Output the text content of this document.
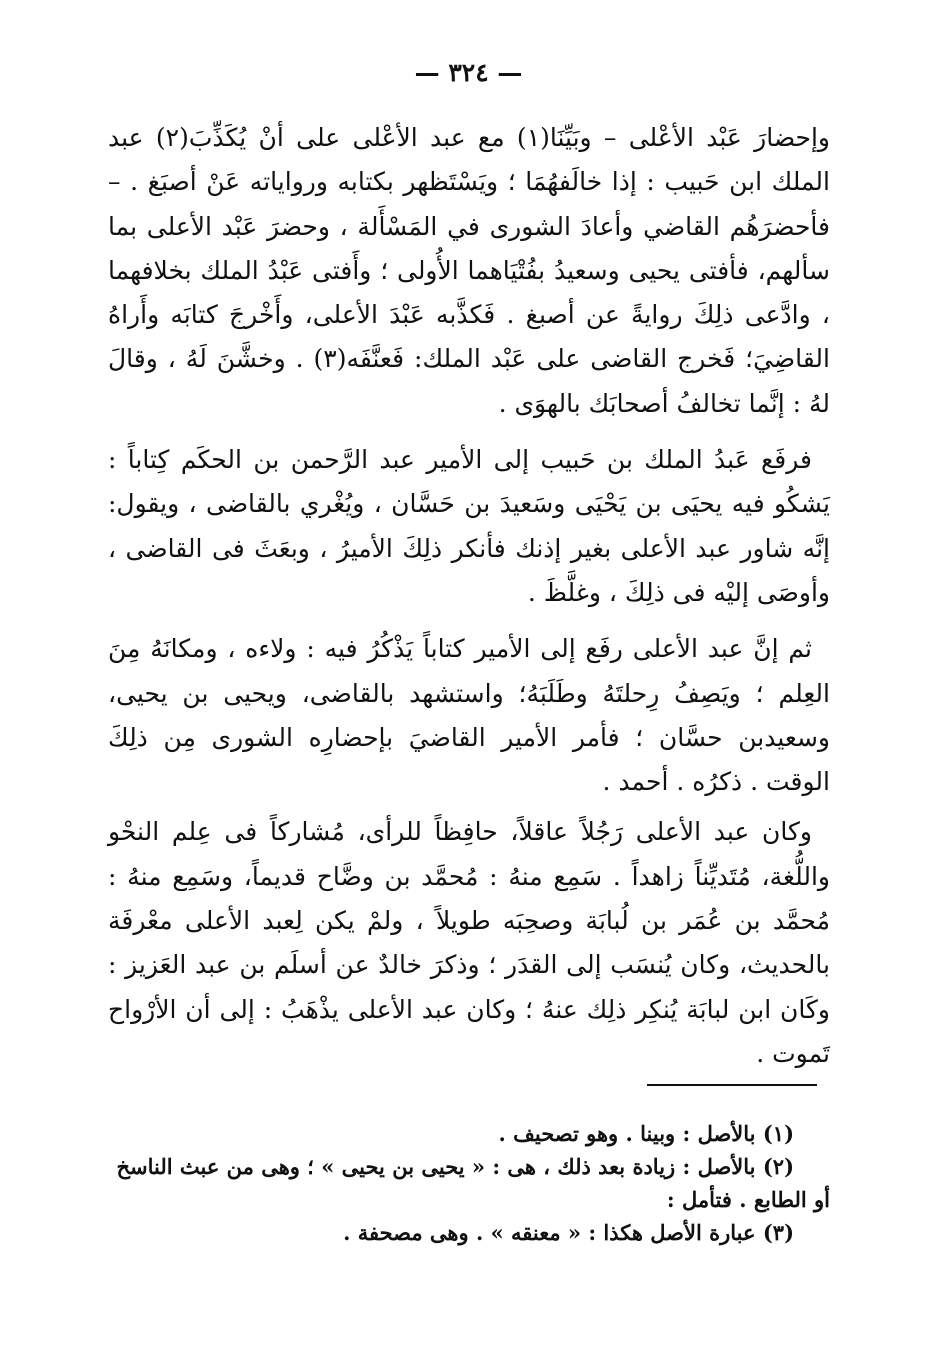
— ٣٢٤ —

وإحضارَ عَبْد الأعْلى – وبَيِّنَا(١) مع عبد الأعْلى على أنْ يُكَذِّبَ(٢) عبد الملك ابن حَبيب : إذا خالَفهُمَا ؛ ويَسْتَظهر بكتابه ورواياته عَنْ أصبَغ . – فأحضرَهُم القاضي وأعادَ الشورى في المَسْأَلة ، وحضرَ عَبْد الأعلى بما سألهم، فأفتى يحيى وسعيدُ بفُتْيَاهما الأُولى ؛ وأَفتى عَبْدُ الملك بخلافهما ، وادَّعى ذلِكَ روايةً عن أصبغ . فَكذَّبه عَبْدَ الأعلى، وأَخْرجَ كتابَه وأَراهُ القاضِيَ؛ فَخرج القاضى على عَبْد الملك: فَعنَّفَه(٣) . وخشَّنَ لَهُ ، وقالَ لهُ : إنَّما تخالفُ أصحابَك بالهوَى .

فرفَع عَبدُ الملك بن حَبيب إلى الأمير عبد الرَّحمن بن الحكَم كِتاباً : يَشكُو فيه يحيَى بن يَحْيَى وسَعيدَ بن حَسَّان ، ويُغْري بالقاضى ، ويقول: إنَّه شاور عبد الأعلى بغير إذنك فأنكر ذلِكَ الأميرُ ، وبعَثَ فى القاضى ، وأوصَى إليْه فى ذلِكَ ، وغلَّظَ .

ثم إنَّ عبد الأعلى رفَع إلى الأمير كتاباً يَذْكُرُ فيه : ولاءه ، ومكانَهُ مِنَ العِلم ؛ ويَصِفُ رِحلتَهُ وطَلَبَهُ؛ واستشهد بالقاضى، ويحيى بن يحيى، وسعيدبن حسَّان ؛ فأمر الأمير القاضيَ بإحضارِه الشورى مِن ذلِكَ الوقت . ذكرُه . أحمد .

وكان عبد الأعلى رَجُلاً عاقلاً، حافِظاً للرأى، مُشاركاً فى عِلم النحْو واللُّغة، مُتَديِّناً زاهداً . سَمِع منهُ : مُحمَّد بن وضَّاح قديماً، وسَمِع منهُ : مُحمَّد بن عُمَر بن لُبابَة وصحِبَه طويلاً ، ولمْ يكن لِعبد الأعلى معْرفَة بالحديث، وكان يُنسَب إلى القدَر ؛ وذكرَ خالدٌ عن أسلَم بن عبد العَزيز : وكَان ابن لبابَة يُنكِر ذلِك عنهُ ؛ وكان عبد الأعلى يذْهَبُ : إلى أن الأرْواح تَموت .

(١) بالأصل : وبينا . وهو تصحيف .

(٢) بالأصل : زيادة بعد ذلك ، هى : « يحيى بن يحيى » ؛ وهى من عبث الناسخ

أو الطابع . فتأمل :

(٣) عبارة الأصل هكذا : « معنقه » . وهى مصحفة .
